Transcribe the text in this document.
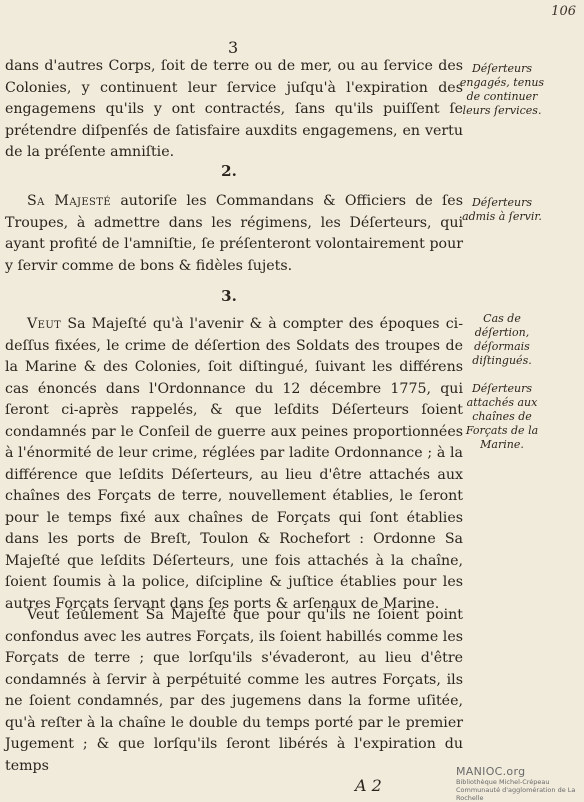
106
3

dans d'autres Corps, ſoit de terre ou de mer, ou au ſervice des Colonies, y continuent leur ſervice juſqu'à l'expiration des engagemens qu'ils y ont contractés, ſans qu'ils puiſſent ſe prétendre diſpenſés de ſatisfaire auxdits engagemens, en vertu de la préſente amniſtie.

2.

Sa Majesté autoriſe les Commandans & Officiers de ſes Troupes, à admettre dans les régimens, les Déſerteurs, qui ayant profité de l'amniſtie, ſe préſenteront volontairement pour y ſervir comme de bons & fidèles ſujets.

3.

Veut Sa Majeſté qu'à l'avenir & à compter des époques ci-deſſus fixées, le crime de déſertion des Soldats des troupes de la Marine & des Colonies, ſoit diſtingué, ſuivant les différens cas énoncés dans l'Ordonnance du 12 décembre 1775, qui ſeront ci-après rappelés, & que leſdits Déſerteurs ſoient condamnés par le Conſeil de guerre aux peines proportionnées à l'énormité de leur crime, réglées par ladite Ordonnance ; à la différence que leſdits Déſerteurs, au lieu d'être attachés aux chaînes des Forçats de terre, nouvellement établies, le ſeront pour le temps fixé aux chaînes de Forçats qui ſont établies dans les ports de Breſt, Toulon & Rochefort : Ordonne Sa Majeſté que leſdits Déſerteurs, une fois attachés à la chaîne, ſoient ſoumis à la police, diſcipline & juſtice établies pour les autres Forçats ſervant dans ſes ports & arſenaux de Marine.

Veut ſeulement Sa Majeſté que pour qu'ils ne ſoient point confondus avec les autres Forçats, ils ſoient habillés comme les Forçats de terre ; que lorſqu'ils s'évaderont, au lieu d'être condamnés à ſervir à perpétuité comme les autres Forçats, ils ne ſoient condamnés, par des jugemens dans la forme uſitée, qu'à reſter à la chaîne le double du temps porté par le premier Jugement ; & que lorſqu'ils ſeront libérés à l'expiration du temps

Déſerteurs engagés, tenus de continuer leurs ſervices.
Déſerteurs admis à ſervir.
Cas de déſertion, déſormais diſtingués.
Déſerteurs attachés aux chaînes de Forçats de la Marine.
A 2
MANIOC.org
Bibliothèque Michel-Crépeau
Communauté d'agglomération de La Rochelle
